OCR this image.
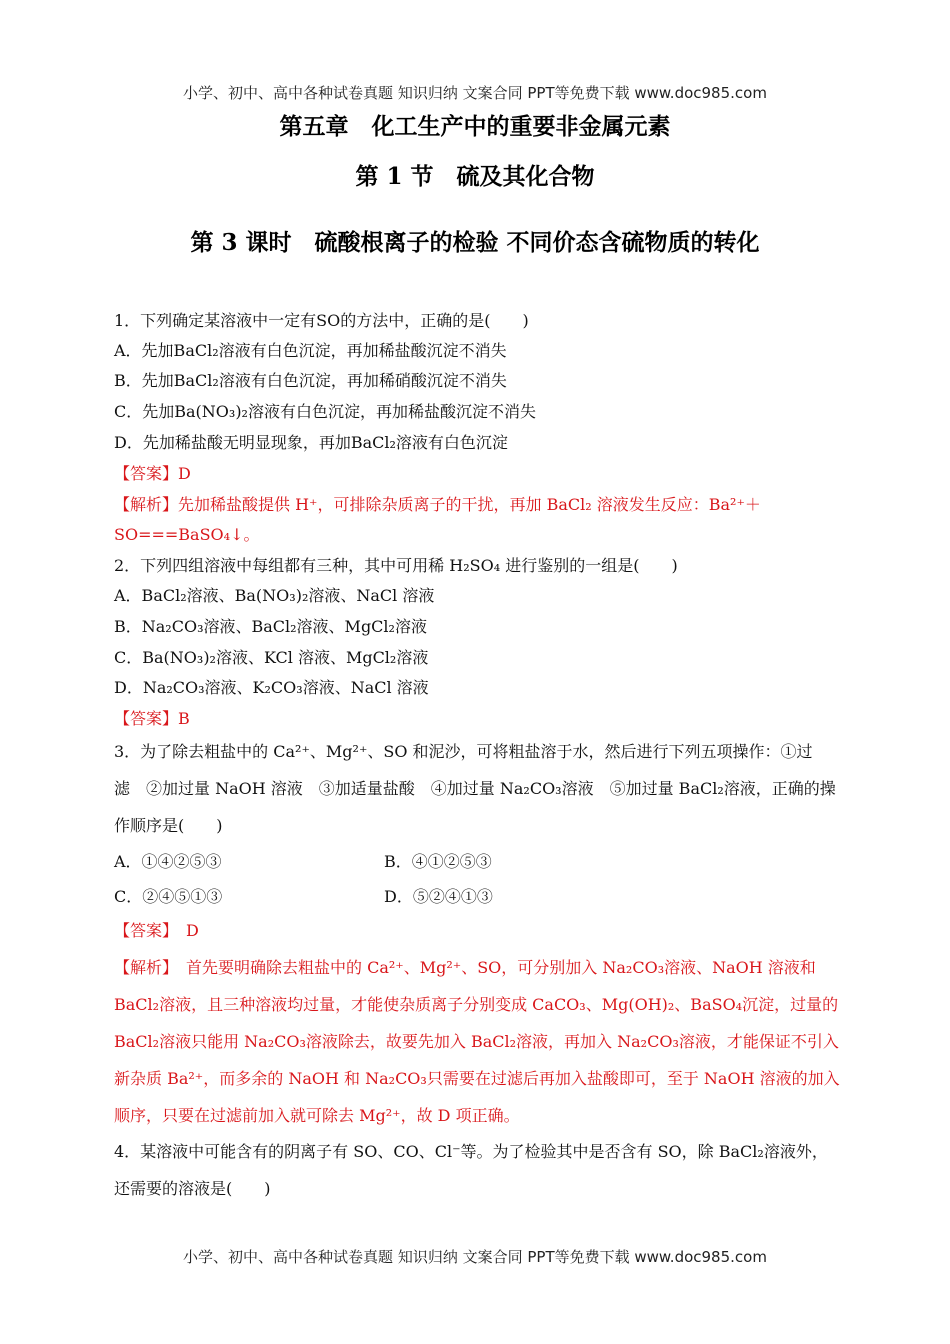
小学、初中、高中各种试卷真题 知识归纳 文案合同 PPT等免费下载 www.doc985.com
第五章　化工生产中的重要非金属元素
第 1 节　硫及其化合物
第 3 课时　硫酸根离子的检验 不同价态含硫物质的转化
1．下列确定某溶液中一定有SO的方法中，正确的是(　　)
A．先加BaCl₂溶液有白色沉淀，再加稀盐酸沉淀不消失
B．先加BaCl₂溶液有白色沉淀，再加稀硝酸沉淀不消失
C．先加Ba(NO₃)₂溶液有白色沉淀，再加稀盐酸沉淀不消失
D．先加稀盐酸无明显现象，再加BaCl₂溶液有白色沉淀
【答案】D
【解析】先加稀盐酸提供 H⁺，可排除杂质离子的干扰，再加 BaCl₂ 溶液发生反应：Ba²⁺＋
SO===BaSO₄↓。
2．下列四组溶液中每组都有三种，其中可用稀 H₂SO₄ 进行鉴别的一组是(　　)
A．BaCl₂溶液、Ba(NO₃)₂溶液、NaCl 溶液
B．Na₂CO₃溶液、BaCl₂溶液、MgCl₂溶液
C．Ba(NO₃)₂溶液、KCl 溶液、MgCl₂溶液
D．Na₂CO₃溶液、K₂CO₃溶液、NaCl 溶液
【答案】B
3．为了除去粗盐中的 Ca²⁺、Mg²⁺、SO 和泥沙，可将粗盐溶于水，然后进行下列五项操作：①过
滤　②加过量 NaOH 溶液　③加适量盐酸　④加过量 Na₂CO₃溶液　⑤加过量 BaCl₂溶液，正确的操
作顺序是(　　)
A．①④②⑤③	B．④①②⑤③
C．②④⑤①③	D．⑤②④①③
【答案】　D
【解析】　首先要明确除去粗盐中的 Ca²⁺、Mg²⁺、SO，可分别加入 Na₂CO₃溶液、NaOH 溶液和
BaCl₂溶液，且三种溶液均过量，才能使杂质离子分别变成 CaCO₃、Mg(OH)₂、BaSO₄沉淀，过量的
BaCl₂溶液只能用 Na₂CO₃溶液除去，故要先加入 BaCl₂溶液，再加入 Na₂CO₃溶液，才能保证不引入
新杂质 Ba²⁺，而多余的 NaOH 和 Na₂CO₃只需要在过滤后再加入盐酸即可，至于 NaOH 溶液的加入
顺序，只要在过滤前加入就可除去 Mg²⁺，故 D 项正确。
4．某溶液中可能含有的阴离子有 SO、CO、Cl⁻等。为了检验其中是否含有 SO，除 BaCl₂溶液外，
还需要的溶液是(　　)
小学、初中、高中各种试卷真题 知识归纳 文案合同 PPT等免费下载 www.doc985.com
